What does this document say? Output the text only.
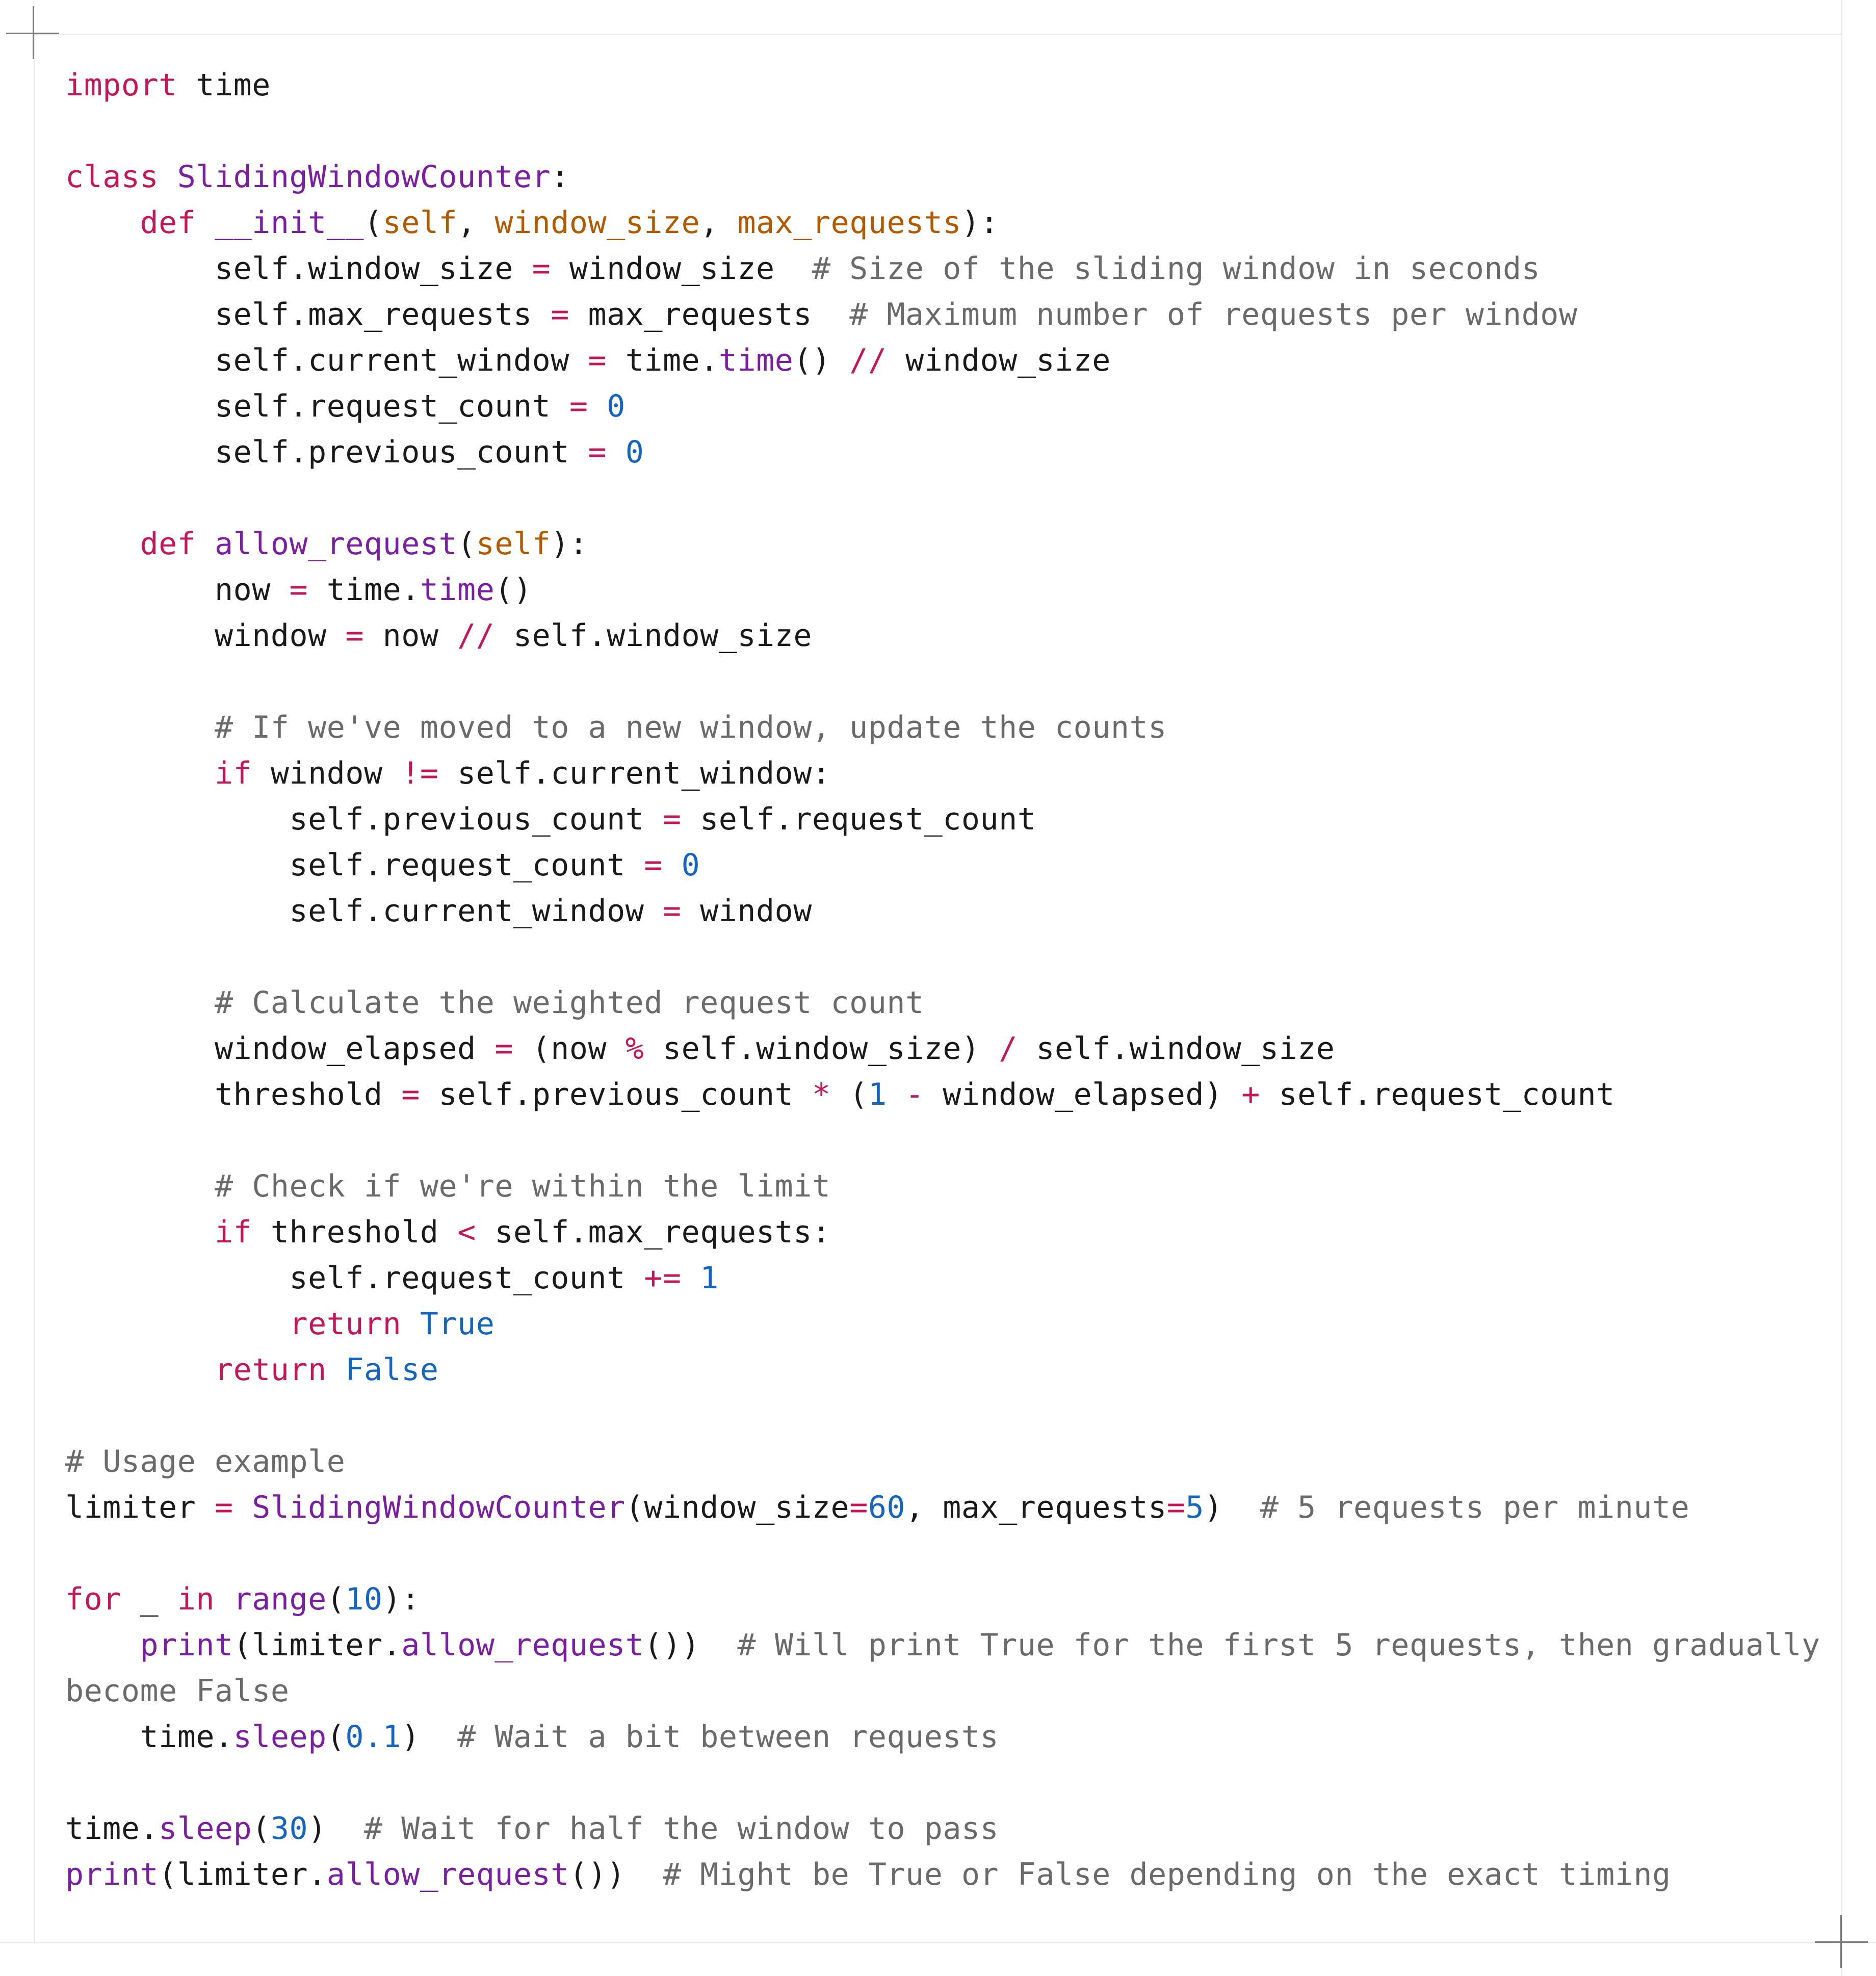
import time
class SlidingWindowCounter:
def __init__(self, window_size, max_requests):
self.window_size = window_size  # Size of the sliding window in seconds
self.max_requests = max_requests  # Maximum number of requests per window
self.current_window = time.time() // window_size
self.request_count = 0
self.previous_count = 0
def allow_request(self):
now = time.time()
window = now // self.window_size
# If we've moved to a new window, update the counts
if window != self.current_window:
self.previous_count = self.request_count
self.request_count = 0
self.current_window = window
# Calculate the weighted request count
window_elapsed = (now % self.window_size) / self.window_size
threshold = self.previous_count * (1 - window_elapsed) + self.request_count
# Check if we're within the limit
if threshold < self.max_requests:
self.request_count += 1
return True
return False
# Usage example
limiter = SlidingWindowCounter(window_size=60, max_requests=5)  # 5 requests per minute
for _ in range(10):
print(limiter.allow_request())  # Will print True for the first 5 requests, then gradually
become False
time.sleep(0.1)  # Wait a bit between requests
time.sleep(30)  # Wait for half the window to pass
print(limiter.allow_request())  # Might be True or False depending on the exact timing
